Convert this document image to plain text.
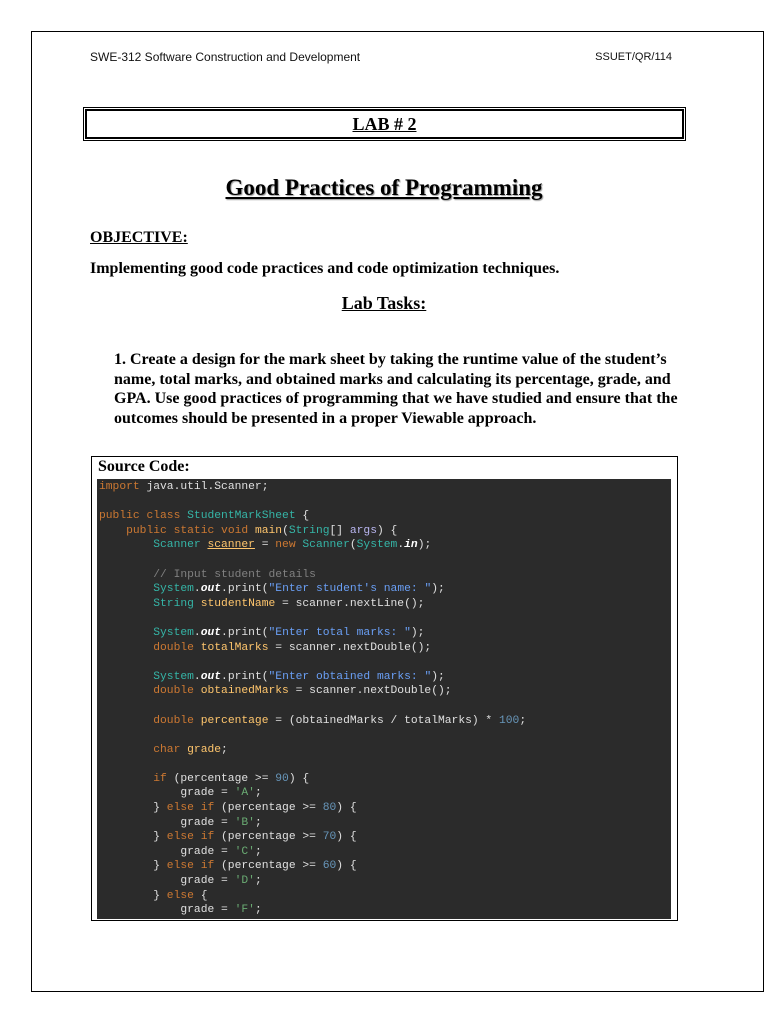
SWE-312 Software Construction and Development	SSUET/QR/114
LAB # 2
Good Practices of Programming
OBJECTIVE:
Implementing good code practices and code optimization techniques.
Lab Tasks:
1. Create a design for the mark sheet by taking the runtime value of the student’s name, total marks, and obtained marks and calculating its percentage, grade, and GPA. Use good practices of programming that we have studied and ensure that the outcomes should be presented in a proper Viewable approach.
Source Code:
import java.util.Scanner;

public class StudentMarkSheet {
public static void main(String[] args) {
Scanner scanner = new Scanner(System.in);

// Input student details
System.out.print("Enter student's name: ");
String studentName = scanner.nextLine();

System.out.print("Enter total marks: ");
double totalMarks = scanner.nextDouble();

System.out.print("Enter obtained marks: ");
double obtainedMarks = scanner.nextDouble();

double percentage = (obtainedMarks / totalMarks) * 100;

char grade;

if (percentage >= 90) {
grade = 'A';
} else if (percentage >= 80) {
grade = 'B';
} else if (percentage >= 70) {
grade = 'C';
} else if (percentage >= 60) {
grade = 'D';
} else {
grade = 'F';
